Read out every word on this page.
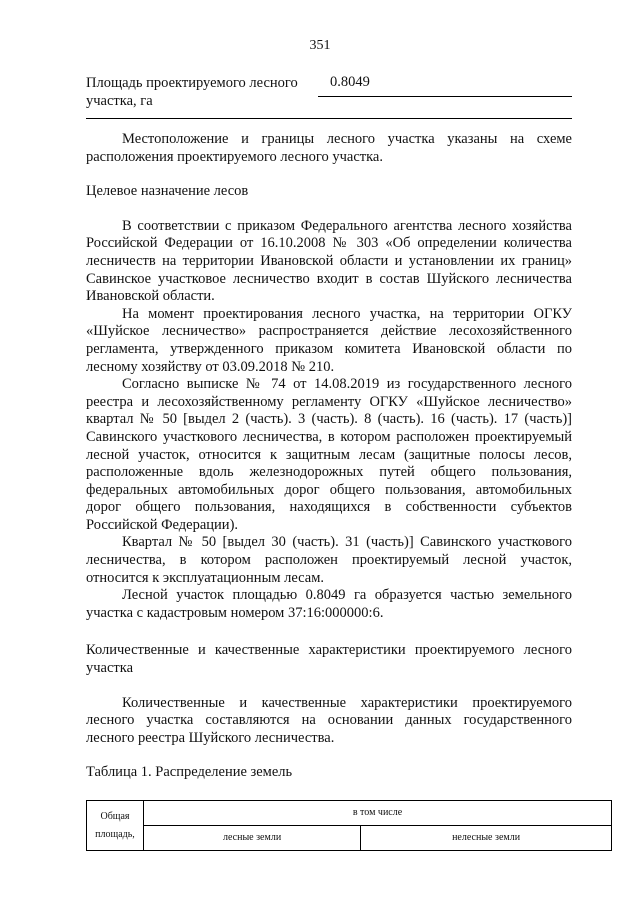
351
Площадь проектируемого лесного участка, га
0.8049

Местоположение и границы лесного участка указаны на схеме расположения проектируемого лесного участка.

Целевое назначение лесов

В соответствии с приказом Федерального агентства лесного хозяйства Российской Федерации от 16.10.2008 № 303 «Об определении количества лесничеств на территории Ивановской области и установлении их границ» Савинское участковое лесничество входит в состав Шуйского лесничества Ивановской области.

На момент проектирования лесного участка, на территории ОГКУ «Шуйское лесничество» распространяется действие лесохозяйственного регламента, утвержденного приказом комитета Ивановской области по лесному хозяйству от 03.09.2018 № 210.

Согласно выписке № 74 от 14.08.2019 из государственного лесного реестра и лесохозяйственному регламенту ОГКУ «Шуйское лесничество» квартал № 50 [выдел 2 (часть). 3 (часть). 8 (часть). 16 (часть). 17 (часть)] Савинского участкового лесничества, в котором расположен проектируемый лесной участок, относится к защитным лесам (защитные полосы лесов, расположенные вдоль железнодорожных путей общего пользования, федеральных автомобильных дорог общего пользования, автомобильных дорог общего пользования, находящихся в собственности субъектов Российской Федерации).

Квартал № 50 [выдел 30 (часть). 31 (часть)] Савинского участкового лесничества, в котором расположен проектируемый лесной участок, относится к эксплуатационным лесам.

Лесной участок площадью 0.8049 га образуется частью земельного участка с кадастровым номером 37:16:000000:6.

Количественные и качественные характеристики проектируемого лесного участка

Количественные и качественные характеристики проектируемого лесного участка составляются на основании данных государственного лесного реестра Шуйского лесничества.

Таблица 1. Распределение земель

Общая площадь,	в том числе	
	лесные земли	нелесные земли
